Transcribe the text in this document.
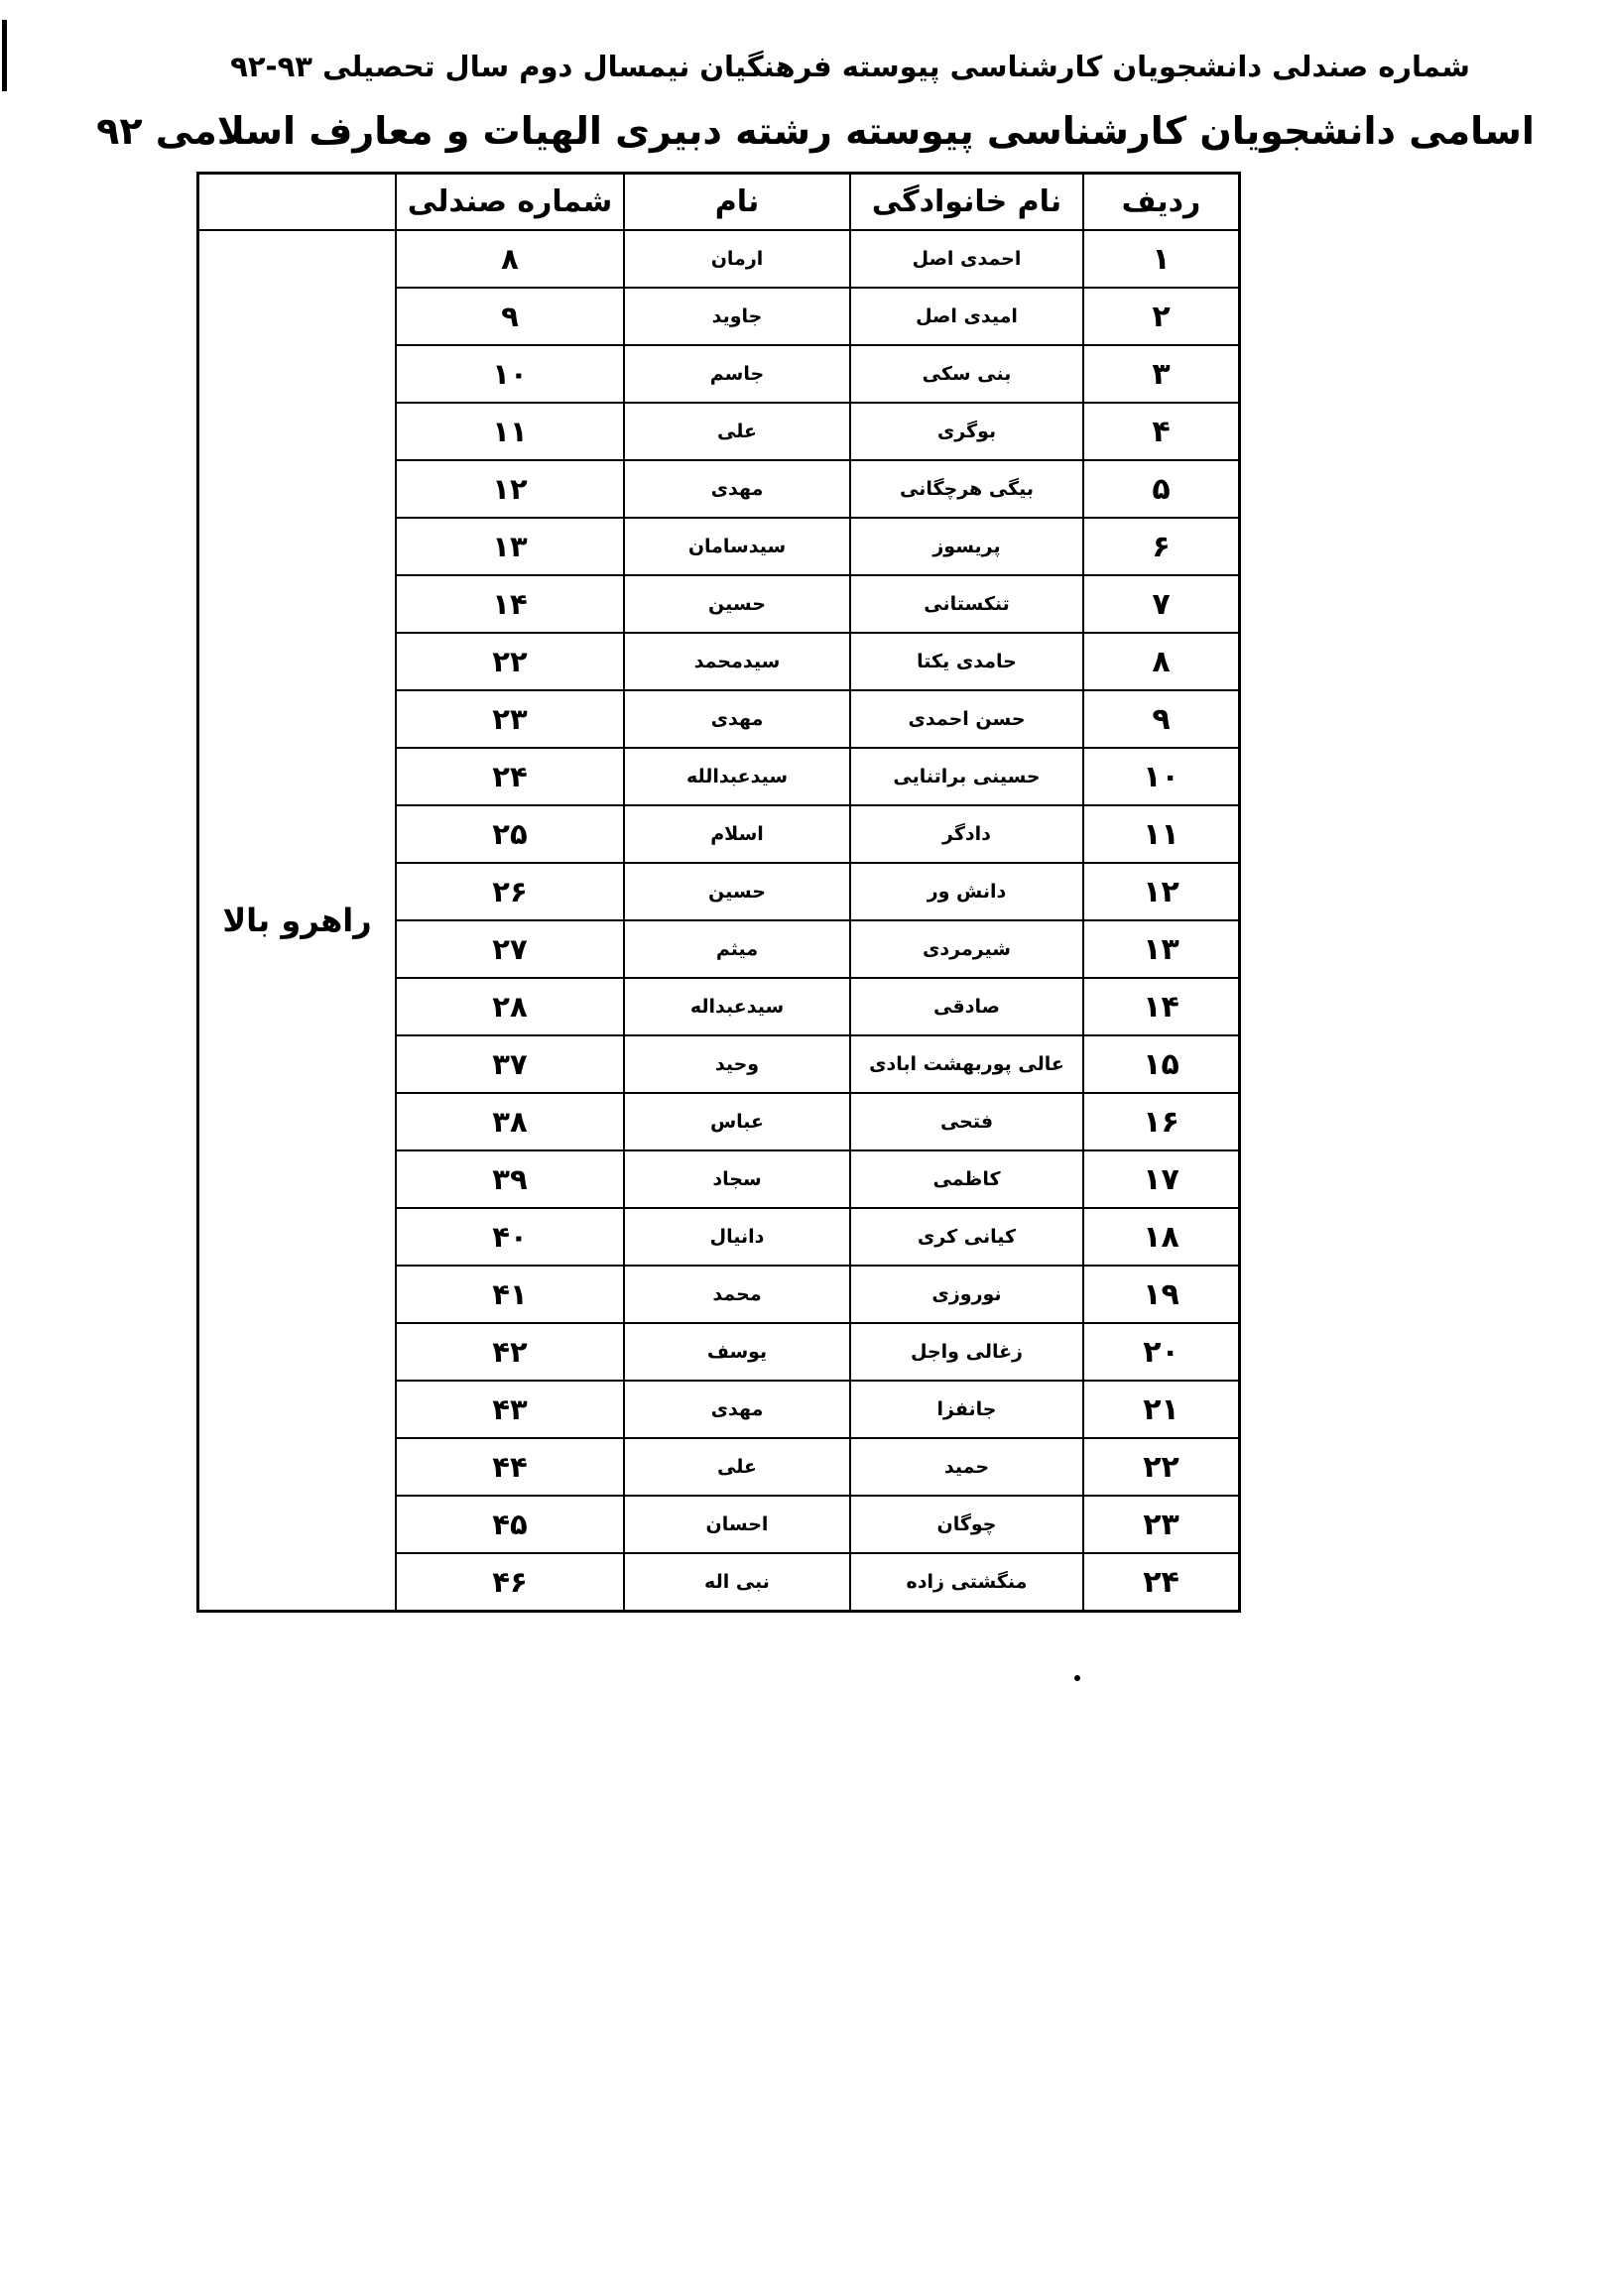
شماره صندلی دانشجویان کارشناسی پیوسته فرهنگیان نیمسال دوم سال تحصیلی ۹۳-۹۲
اسامی دانشجویان کارشناسی پیوسته رشته دبیری الهیات و معارف اسلامی ۹۲
ردیف	نام خانوادگی	نام	شماره صندلی	
۱	احمدی اصل	ارمان	۸	راهرو بالا
۲	امیدی اصل	جاوید	۹	
۳	بنی سکی	جاسم	۱۰	
۴	بوگری	علی	۱۱	
۵	بیگی هرچگانی	مهدی	۱۲	
۶	پریسوز	سیدسامان	۱۳	
۷	تنکستانی	حسین	۱۴	
۸	حامدی یکتا	سیدمحمد	۲۲	
۹	حسن احمدی	مهدی	۲۳	
۱۰	حسینی براتنایی	سیدعبدالله	۲۴	
۱۱	دادگر	اسلام	۲۵	
۱۲	دانش ور	حسین	۲۶	
۱۳	شیرمردی	میثم	۲۷	
۱۴	صادقی	سیدعبداله	۲۸	
۱۵	عالی پوربهشت ابادی	وحید	۳۷	
۱۶	فتحی	عباس	۳۸	
۱۷	کاظمی	سجاد	۳۹	
۱۸	کیانی کری	دانیال	۴۰	
۱۹	نوروزی	محمد	۴۱	
۲۰	زغالی واجل	یوسف	۴۲	
۲۱	جانفزا	مهدی	۴۳	
۲۲	حمید	علی	۴۴	
۲۳	چوگان	احسان	۴۵	
۲۴	منگشتی زاده	نبی اله	۴۶	
